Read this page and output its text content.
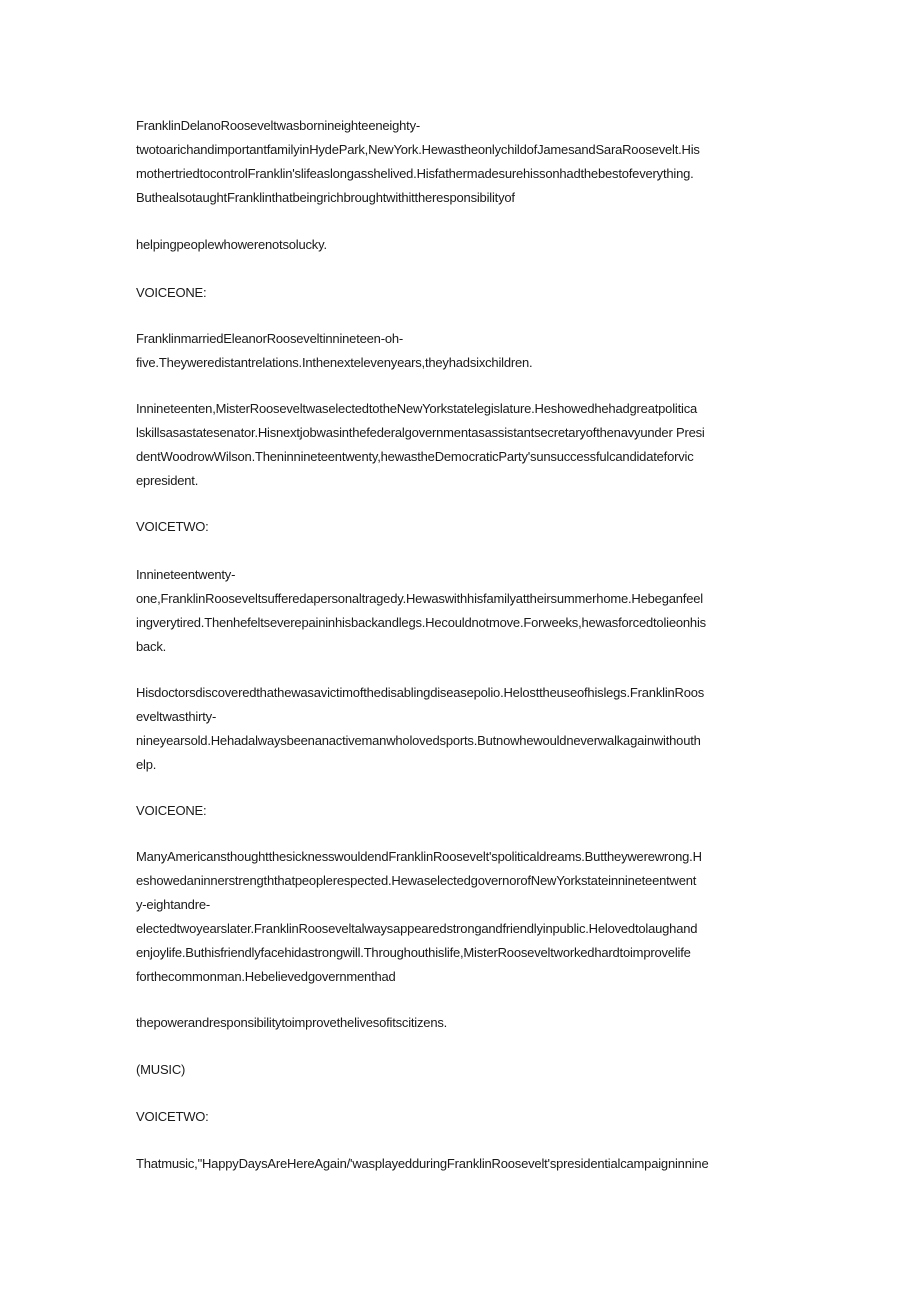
FranklinDelanoRooseveltwasbornineighteeneighty-
twotoarichandimportantfamilyinHydePark,NewYork.HewastheonlychildofJamesandSaraRoosevelt.His
mothertriedtocontrolFranklin'slifeaslongasshelived.Hisfathermadesurehissonhadthebestofeverything.
ButhealsotaughtFranklinthatbeingrichbroughtwithittheresponsibilityof
helpingpeoplewhowerenotsolucky.
VOICEONE:
FranklinmarriedEleanorRooseveltinnineteen-oh-
five.Theyweredistantrelations.Inthenextelevenyears,theyhadsixchildren.
Innineteenten,MisterRooseveltwaselectedtotheNewYorkstatelegislature.Heshowedhehadgreatpolitica
lskillsasastatesenator.Hisnextjobwasinthefederalgovernmentasassistantsecretaryofthenavyunder Presi
dentWoodrowWilson.Theninnineteentwenty,hewastheDemocraticParty'sunsuccessfulcandidateforvic
epresident.
VOICETWO:
Innineteentwenty-
one,FranklinRooseveltsufferedapersonaltragedy.Hewaswithhisfamilyattheirsummerhome.Hebeganfeel
ingverytired.Thenhefeltseverepaininhisbackandlegs.Hecouldnotmove.Forweeks,hewasforcedtolieonhis
back.
Hisdoctorsdiscoveredthathewasavictimofthedisablingdiseasepolio.Helosttheuseofhislegs.FranklinRoos
eveltwasthirty-
nineyearsold.Hehadalwaysbeenanactivemanwholovedsports.Butnowhewouldneverwalkagainwithouth
elp.
VOICEONE:
ManyAmericansthoughtthesicknesswouldendFranklinRoosevelt'spoliticaldreams.Buttheywerewrong.H
eshowedaninnerstrengththatpeoplerespected.HewaselectedgovernorofNewYorkstateinnineteentwent
y-eightandre-
electedtwoyearslater.FranklinRooseveltalwaysappearedstrongandfriendlyinpublic.Helovedtolaughand
enjoylife.Buthisfriendlyfacehidastrongwill.Throughouthislife,MisterRooseveltworkedhardtoimprovelife
forthecommonman.Hebelievedgovernmenthad
thepowerandresponsibilitytoimprovethelivesofitscitizens.
(MUSIC)
VOICETWO:
Thatmusic,"HappyDaysAreHereAgain/'wasplayedduringFranklinRoosevelt'spresidentialcampaigninnine
